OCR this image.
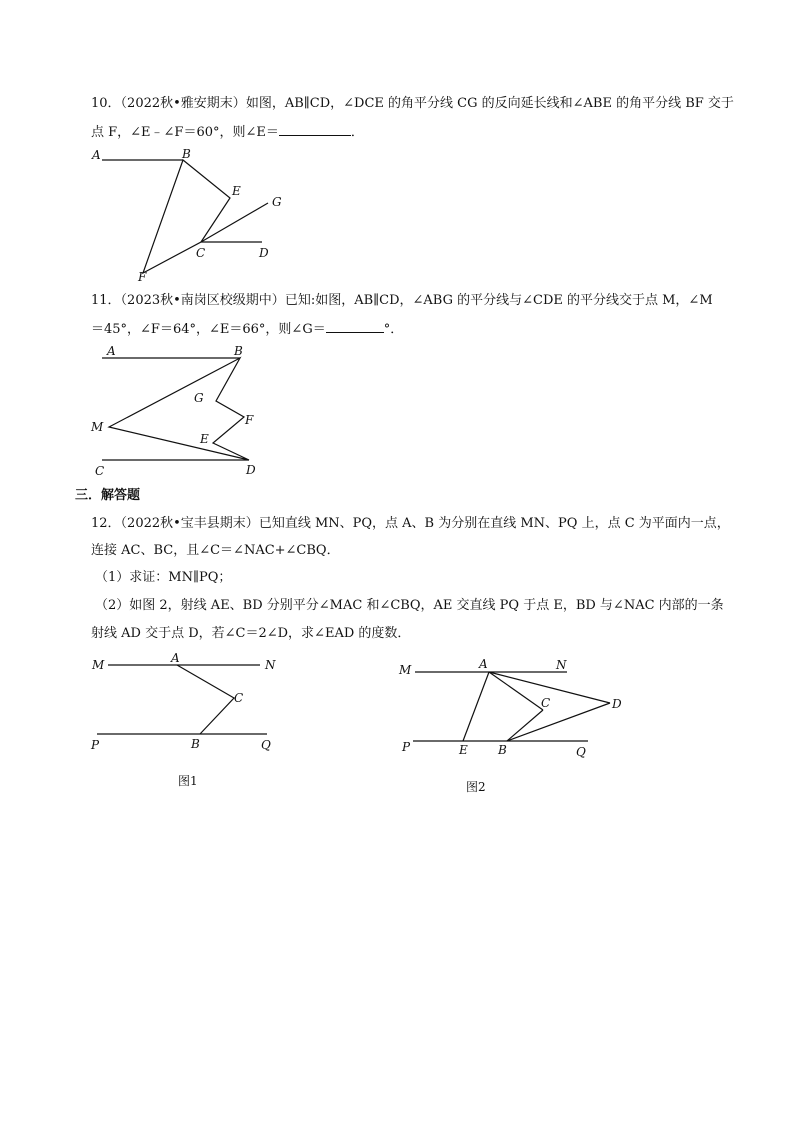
10．（2022秋•雅安期末）如图，AB∥CD，∠DCE 的角平分线 CG 的反向延长线和∠ABE 的角平分线 BF 交于
点 F，∠E﹣∠F＝60°，则∠E＝	．
A	B
E
G
C	D
F
11．（2023秋•南岗区校级期中）已知:如图，AB∥CD，∠ABG 的平分线与∠CDE 的平分线交于点 M，∠M
＝45°，∠F＝64°，∠E＝66°，则∠G＝	°．
A	B
G
F
M
E
C	D
三．解答题
12．（2022秋•宝丰县期末）已知直线 MN、PQ，点 A、B 为分别在直线 MN、PQ 上，点 C 为平面内一点，
连接 AC、BC，且∠C＝∠NAC+∠CBQ．
（1）求证：MN∥PQ；
（2）如图 2，射线 AE、BD 分别平分∠MAC 和∠CBQ，AE 交直线 PQ 于点 E，BD 与∠NAC 内部的一条
射线 AD 交于点 D，若∠C＝2∠D，求∠EAD 的度数．
M	A	N
C
P	B	Q
图1
M	A	N
C	D
P	E	B	Q
图2
